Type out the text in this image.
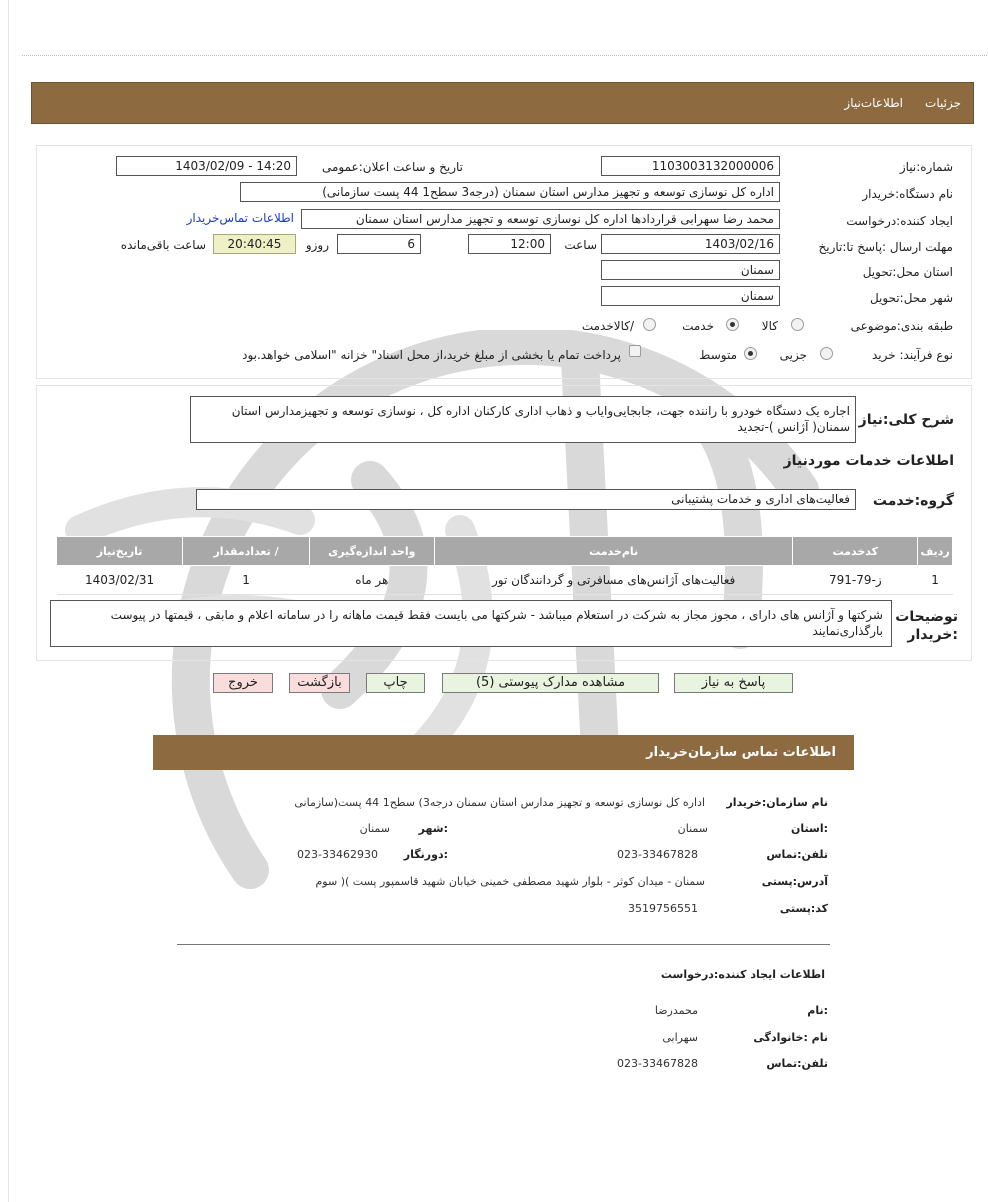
جزئیات
اطلاعات‌نیاز
شماره:نیاز
1103003132000006
تاریخ و ساعت اعلان:عمومی
1403/02/09 - 14:20
نام دستگاه:خریدار
اداره کل نوسازی توسعه و تجهیز مدارس استان سمنان (درجه3 سطح1 44 پست سازمانی)
ایجاد کننده:درخواست
محمد رضا سهرابی قراردادها اداره کل نوسازی توسعه و تجهیز مدارس استان سمنان
اطلاعات تماس‌خریدار
مهلت ارسال :پاسخ تا:تاریخ
1403/02/16
ساعت
12:00
6
روزو
20:40:45
ساعت باقی‌مانده
استان محل:تحویل
سمنان
شهر محل:تحویل
سمنان
طبقه بندی:موضوعی
کالا
خدمت
/کالاخدمت
نوع فرآیند: خرید
جزیی
متوسط
پرداخت تمام یا بخشی از مبلغ خرید،از محل اسناد" خزانه "اسلامی خواهد.بود
شرح کلی:نیاز
اجاره یک دستگاه خودرو با راننده جهت، جابجایی‌وایاب و ذهاب اداری کارکنان اداره کل ، نوسازی توسعه و تجهیزمدارس استان سمنان( آژانس )-تجدید
اطلاعات خدمات موردنیاز
گروه:خدمت
فعالیت‌های اداری و خدمات پشتیبانی
ردیف	کدخدمت	نام‌خدمت	واحد اندازه‌گیری	/ تعدادمقدار	تاریخ‌نیاز
1	ز-79-791	فعالیت‌های آژانس‌های مسافرتی و گردانندگان تور	هر ماه	1	1403/02/31
توضیحات :خریدار
شرکتها و آژانس های دارای ، مجوز مجاز به شرکت در استعلام میباشد - شرکتها می بایست فقط قیمت ماهانه را در سامانه اعلام و مابقی ، قیمتها در پیوست بارگذاری‌نمایند
پاسخ به نیاز
مشاهده مدارک پیوستی (5)
چاپ
بازگشت
خروج
اطلاعات تماس سازمان‌خریدار
نام سازمان:خریدار
اداره کل نوسازی توسعه و تجهیز مدارس استان سمنان درجه3) سطح1 44 پست(سازمانی
:استان
سمنان
:شهر
سمنان
تلفن:تماس
023-33467828
:دورنگار
023-33462930
آدرس:پستی
سمنان - میدان کوثر - بلوار شهید مصطفی خمینی خیابان شهید قاسمپور پست )( سوم
کد:پستی
3519756551
اطلاعات ایجاد کننده:درخواست
:نام
محمدرضا
نام :خانوادگی
سهرابی
تلفن:تماس
023-33467828
